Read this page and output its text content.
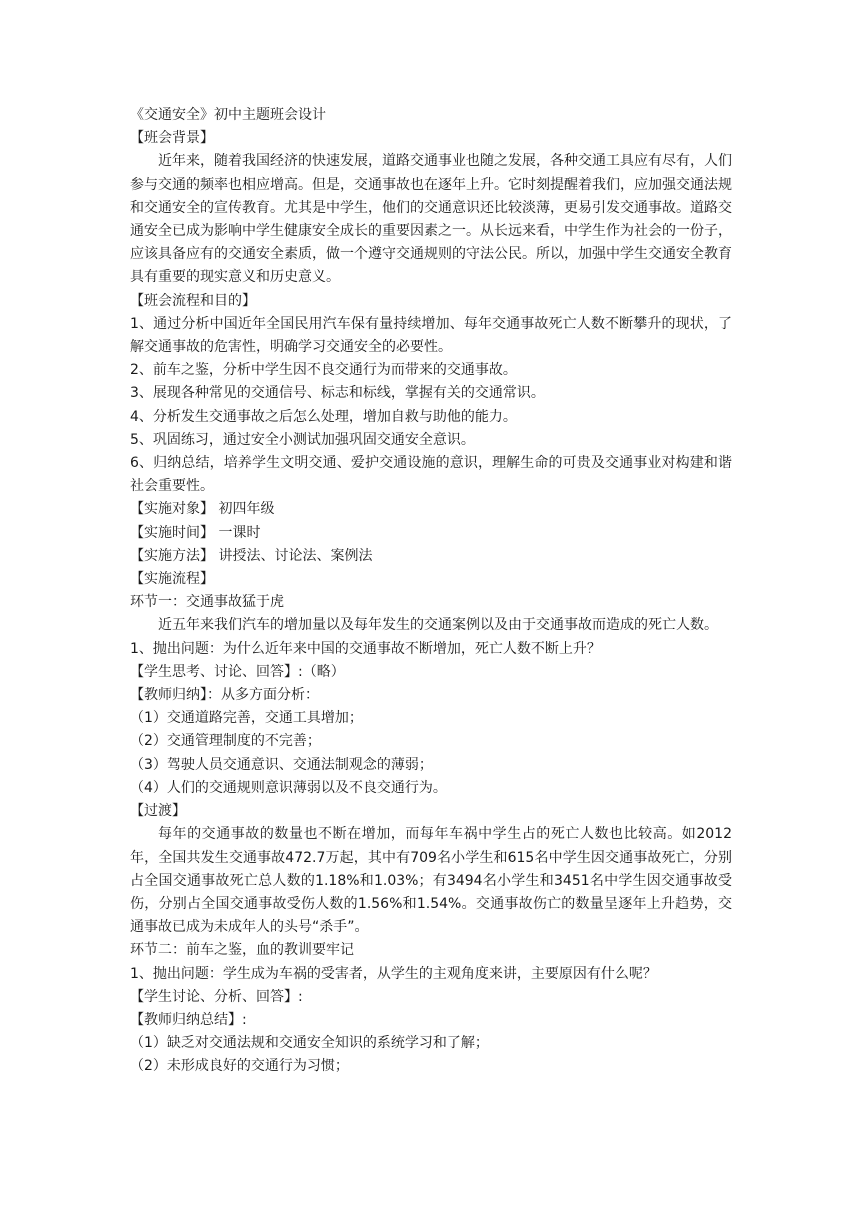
《交通安全》初中主题班会设计

【班会背景】

近年来，随着我国经济的快速发展，道路交通事业也随之发展，各种交通工具应有尽有，人们参与交通的频率也相应增高。但是，交通事故也在逐年上升。它时刻提醒着我们，应加强交通法规和交通安全的宣传教育。尤其是中学生，他们的交通意识还比较淡薄，更易引发交通事故。道路交通安全已成为影响中学生健康安全成长的重要因素之一。从长远来看，中学生作为社会的一份子，应该具备应有的交通安全素质，做一个遵守交通规则的守法公民。所以，加强中学生交通安全教育具有重要的现实意义和历史意义。

【班会流程和目的】

1、通过分析中国近年全国民用汽车保有量持续增加、每年交通事故死亡人数不断攀升的现状，了解交通事故的危害性，明确学习交通安全的必要性。

2、前车之鉴，分析中学生因不良交通行为而带来的交通事故。

3、展现各种常见的交通信号、标志和标线，掌握有关的交通常识。

4、分析发生交通事故之后怎么处理，增加自救与助他的能力。

5、巩固练习，通过安全小测试加强巩固交通安全意识。

6、归纳总结，培养学生文明交通、爱护交通设施的意识，理解生命的可贵及交通事业对构建和谐社会重要性。

【实施对象】 初四年级

【实施时间】 一课时

【实施方法】 讲授法、讨论法、案例法

【实施流程】

环节一：交通事故猛于虎

近五年来我们汽车的增加量以及每年发生的交通案例以及由于交通事故而造成的死亡人数。

1、抛出问题：为什么近年来中国的交通事故不断增加，死亡人数不断上升？

【学生思考、讨论、回答】:（略）

【教师归纳】：从多方面分析：

（1）交通道路完善，交通工具增加；

（2）交通管理制度的不完善；

（3）驾驶人员交通意识、交通法制观念的薄弱；

（4）人们的交通规则意识薄弱以及不良交通行为。

【过渡】

每年的交通事故的数量也不断在增加，而每年车祸中学生占的死亡人数也比较高。如2012年，全国共发生交通事故472.7万起，其中有709名小学生和615名中学生因交通事故死亡，分别占全国交通事故死亡总人数的1.18%和1.03%；有3494名小学生和3451名中学生因交通事故受伤，分别占全国交通事故受伤人数的1.56%和1.54%。交通事故伤亡的数量呈逐年上升趋势，交通事故已成为未成年人的头号“杀手”。

环节二：前车之鉴，血的教训要牢记

1、抛出问题：学生成为车祸的受害者，从学生的主观角度来讲，主要原因有什么呢？

【学生讨论、分析、回答】:

【教师归纳总结】:

（1）缺乏对交通法规和交通安全知识的系统学习和了解；

（2）未形成良好的交通行为习惯；
